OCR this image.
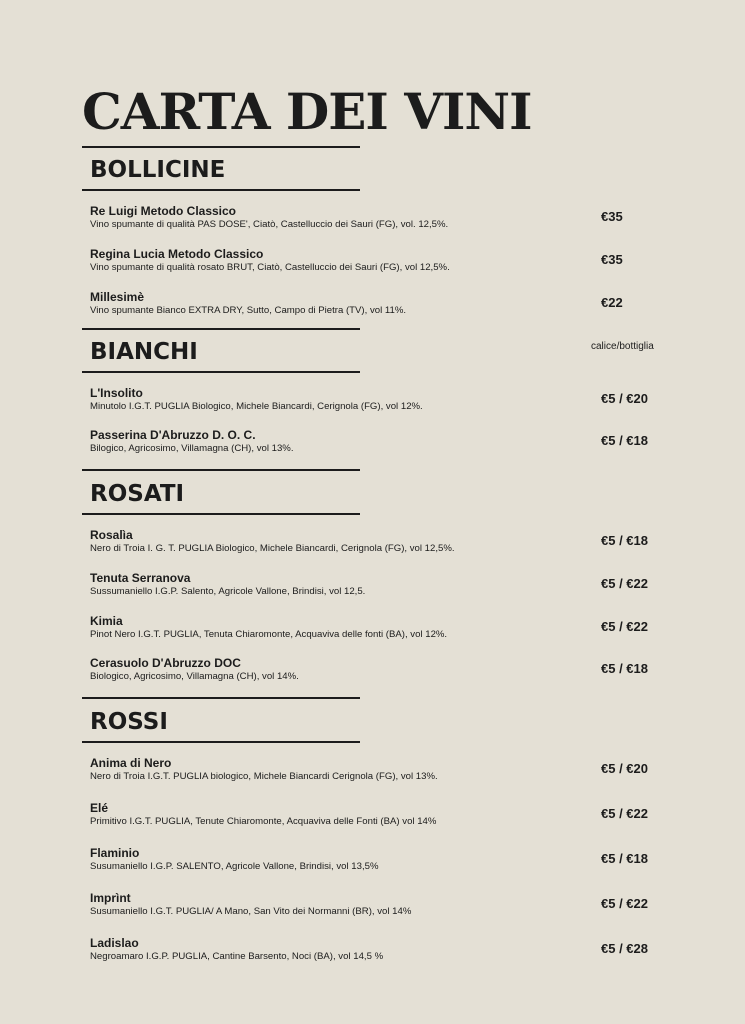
CARTA DEI VINI
BOLLICINE
Re Luigi Metodo Classico
Vino spumante di qualità PAS DOSE', Ciatò, Castelluccio dei Sauri (FG), vol. 12,5%.
€35
Regina Lucia Metodo Classico
Vino spumante di qualità rosato BRUT, Ciatò, Castelluccio dei Sauri (FG), vol 12,5%.
€35
Millesimè
Vino spumante Bianco EXTRA DRY, Sutto, Campo di Pietra (TV), vol 11%.
€22
BIANCHI	calice/bottiglia
L'Insolito
Minutolo I.G.T. PUGLIA Biologico, Michele Biancardi, Cerignola (FG), vol 12%.
€5 / €20
Passerina D'Abruzzo D. O. C.
Bilogico, Agricosimo, Villamagna (CH), vol 13%.
€5 / €18
ROSATI
Rosalìa
Nero di Troia I. G. T. PUGLIA Biologico, Michele Biancardi, Cerignola (FG), vol 12,5%.
€5 / €18
Tenuta Serranova
Sussumaniello I.G.P. Salento, Agricole Vallone, Brindisi, vol 12,5.
€5 / €22
Kimia
Pinot Nero I.G.T. PUGLIA, Tenuta Chiaromonte, Acquaviva delle fonti (BA), vol 12%.
€5 / €22
Cerasuolo D'Abruzzo DOC
Biologico, Agricosimo, Villamagna (CH), vol 14%.
€5 / €18
ROSSI
Anima di Nero
Nero di Troia I.G.T. PUGLIA biologico, Michele Biancardi Cerignola (FG), vol 13%.
€5 / €20
Elé
Primitivo I.G.T. PUGLIA, Tenute Chiaromonte, Acquaviva delle Fonti (BA) vol 14%
€5 / €22
Flaminio
Susumaniello I.G.P. SALENTO, Agricole Vallone, Brindisi, vol 13,5%
€5 / €18
Imprìnt
Susumaniello I.G.T. PUGLIA/ A Mano, San Vito dei Normanni (BR), vol 14%
€5 / €22
Ladislao
Negroamaro I.G.P. PUGLIA, Cantine Barsento, Noci (BA), vol 14,5 %
€5 / €28
